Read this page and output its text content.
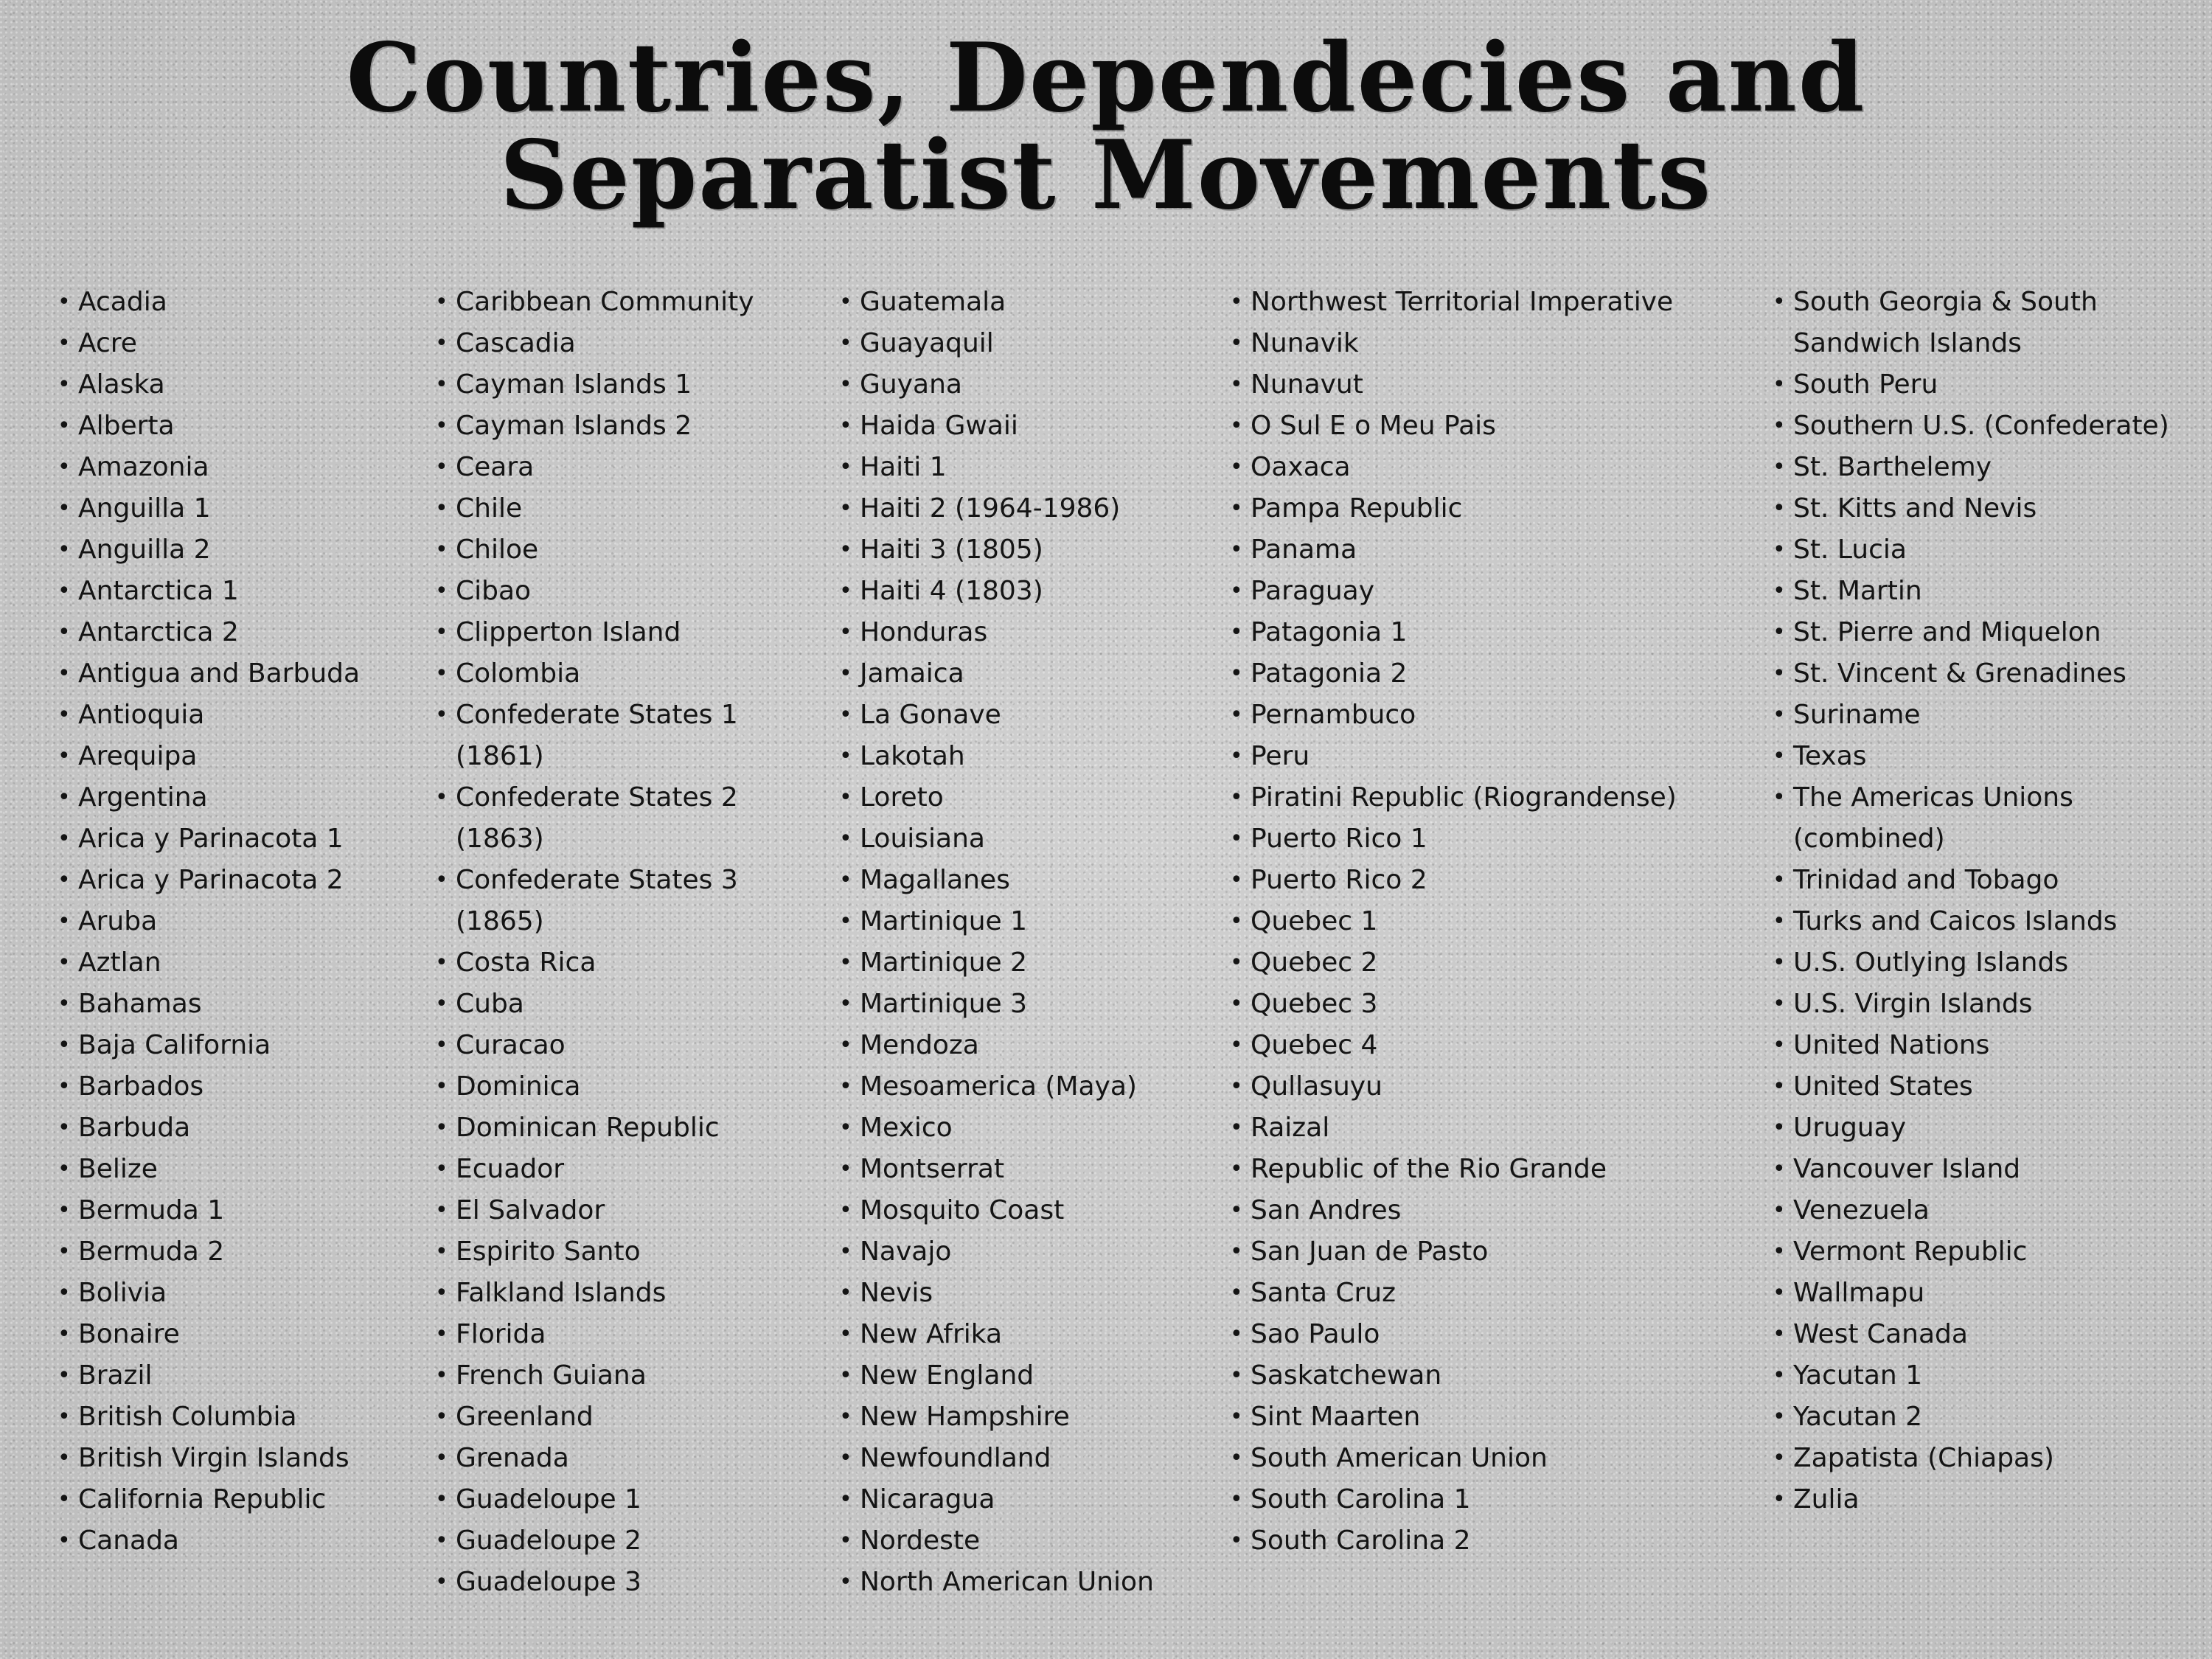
Countries, Dependecies and
Separatist Movements
• Acadia
• Acre
• Alaska
• Alberta
• Amazonia
• Anguilla 1
• Anguilla 2
• Antarctica 1
• Antarctica 2
• Antigua and Barbuda
• Antioquia
• Arequipa
• Argentina
• Arica y Parinacota 1
• Arica y Parinacota 2
• Aruba
• Aztlan
• Bahamas
• Baja California
• Barbados
• Barbuda
• Belize
• Bermuda 1
• Bermuda 2
• Bolivia
• Bonaire
• Brazil
• British Columbia
• British Virgin Islands
• California Republic
• Canada
• Caribbean Community
• Cascadia
• Cayman Islands 1
• Cayman Islands 2
• Ceara
• Chile
• Chiloe
• Cibao
• Clipperton Island
• Colombia
• Confederate States 1
(1861)
• Confederate States 2
(1863)
• Confederate States 3
(1865)
• Costa Rica
• Cuba
• Curacao
• Dominica
• Dominican Republic
• Ecuador
• El Salvador
• Espirito Santo
• Falkland Islands
• Florida
• French Guiana
• Greenland
• Grenada
• Guadeloupe 1
• Guadeloupe 2
• Guadeloupe 3
• Guatemala
• Guayaquil
• Guyana
• Haida Gwaii
• Haiti 1
• Haiti 2 (1964-1986)
• Haiti 3 (1805)
• Haiti 4 (1803)
• Honduras
• Jamaica
• La Gonave
• Lakotah
• Loreto
• Louisiana
• Magallanes
• Martinique 1
• Martinique 2
• Martinique 3
• Mendoza
• Mesoamerica (Maya)
• Mexico
• Montserrat
• Mosquito Coast
• Navajo
• Nevis
• New Afrika
• New England
• New Hampshire
• Newfoundland
• Nicaragua
• Nordeste
• North American Union
• Northwest Territorial Imperative
• Nunavik
• Nunavut
• O Sul E o Meu Pais
• Oaxaca
• Pampa Republic
• Panama
• Paraguay
• Patagonia 1
• Patagonia 2
• Pernambuco
• Peru
• Piratini Republic (Riograndense)
• Puerto Rico 1
• Puerto Rico 2
• Quebec 1
• Quebec 2
• Quebec 3
• Quebec 4
• Qullasuyu
• Raizal
• Republic of the Rio Grande
• San Andres
• San Juan de Pasto
• Santa Cruz
• Sao Paulo
• Saskatchewan
• Sint Maarten
• South American Union
• South Carolina 1
• South Carolina 2
• South Georgia & South
Sandwich Islands
• South Peru
• Southern U.S. (Confederate)
• St. Barthelemy
• St. Kitts and Nevis
• St. Lucia
• St. Martin
• St. Pierre and Miquelon
• St. Vincent & Grenadines
• Suriname
• Texas
• The Americas Unions
(combined)
• Trinidad and Tobago
• Turks and Caicos Islands
• U.S. Outlying Islands
• U.S. Virgin Islands
• United Nations
• United States
• Uruguay
• Vancouver Island
• Venezuela
• Vermont Republic
• Wallmapu
• West Canada
• Yacutan 1
• Yacutan 2
• Zapatista (Chiapas)
• Zulia
